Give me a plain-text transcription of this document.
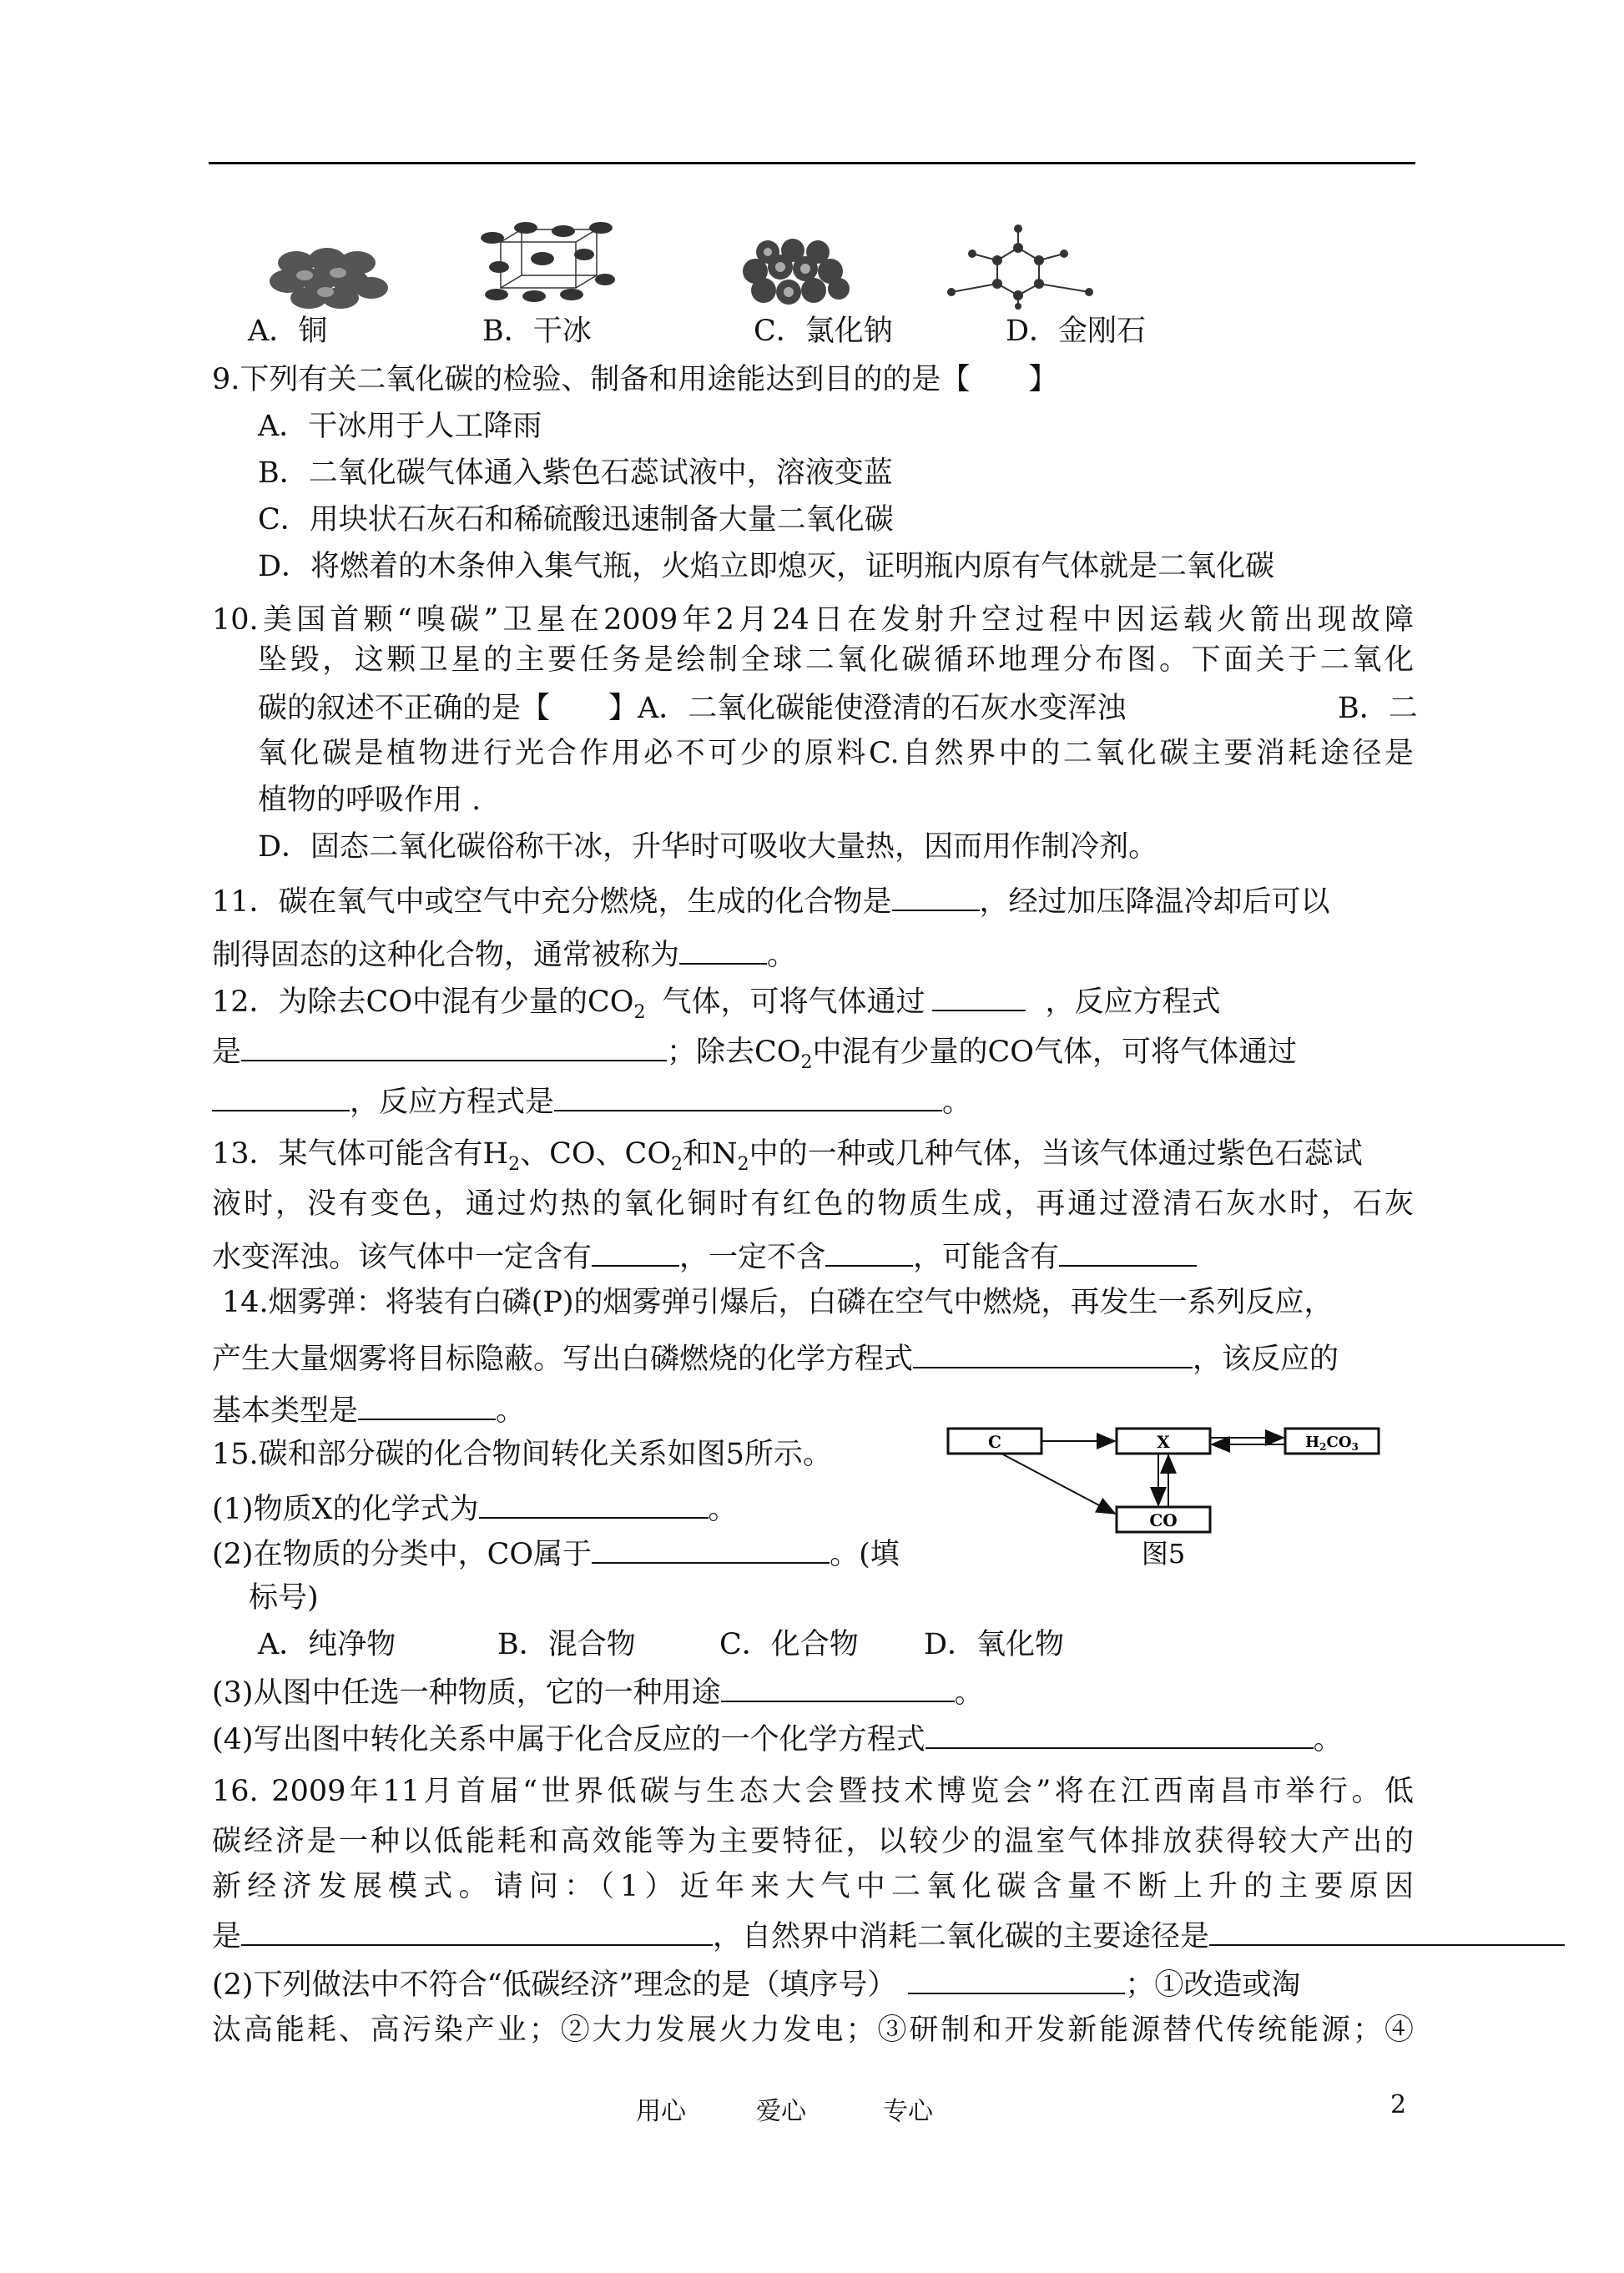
A．铜	B．干冰	C．氯化钠	D．金刚石
9.下列有关二氧化碳的检验、制备和用途能达到目的的是【　　】
A．干冰用于人工降雨
B．二氧化碳气体通入紫色石蕊试液中，溶液变蓝
C．用块状石灰石和稀硫酸迅速制备大量二氧化碳
D．将燃着的木条伸入集气瓶，火焰立即熄灭，证明瓶内原有气体就是二氧化碳
10.美国首颗“嗅碳”卫星在2009年2月24日在发射升空过程中因运载火箭出现故障
坠毁，这颗卫星的主要任务是绘制全球二氧化碳循环地理分布图。下面关于二氧化
碳的叙述不正确的是【　　】A．二氧化碳能使澄清的石灰水变浑浊	B．二
氧化碳是植物进行光合作用必不可少的原料C.自然界中的二氧化碳主要消耗途径是
植物的呼吸作用 .
D．固态二氧化碳俗称干冰，升华时可吸收大量热，因而用作制冷剂。
11．碳在氧气中或空气中充分燃烧，生成的化合物是	，经过加压降温冷却后可以
制得固态的这种化合物，通常被称为	。
12．为除去CO中混有少量的$CO_2$ 气体，可将气体通过	，反应方程式
是	；除去$CO_2$中混有少量的CO气体，可将气体通过
，反应方程式是	。
13．某气体可能含有$H_2$、CO、$CO_2$和$N_2$中的一种或几种气体，当该气体通过紫色石蕊试
液时，没有变色，通过灼热的氧化铜时有红色的物质生成，再通过澄清石灰水时，石灰
水变浑浊。该气体中一定含有	，一定不含	，可能含有
14.烟雾弹：将装有白磷(P)的烟雾弹引爆后，白磷在空气中燃烧，再发生一系列反应，
产生大量烟雾将目标隐蔽。写出白磷燃烧的化学方程式	，该反应的
基本类型是	。
15.碳和部分碳的化合物间转化关系如图5所示。
(1)物质X的化学式为	。
(2)在物质的分类中，CO属于	。(填
标号)
A．纯净物	B．混合物	C．化合物 D．氧化物
(3)从图中任选一种物质，它的一种用途	。
(4)写出图中转化关系中属于化合反应的一个化学方程式	。
C	X	$H_2CO_3$
CO
图5
16. 2009年11月首届“世界低碳与生态大会暨技术博览会”将在江西南昌市举行。低
碳经济是一种以低能耗和高效能等为主要特征，以较少的温室气体排放获得较大产出的
新经济发展模式。请问：（1）近年来大气中二氧化碳含量不断上升的主要原因
是	，自然界中消耗二氧化碳的主要途径是
(2)下列做法中不符合“低碳经济”理念的是（填序号）	；①改造或淘
汰高能耗、高污染产业；②大力发展火力发电；③研制和开发新能源替代传统能源；④
用心	爱心	专心	2
